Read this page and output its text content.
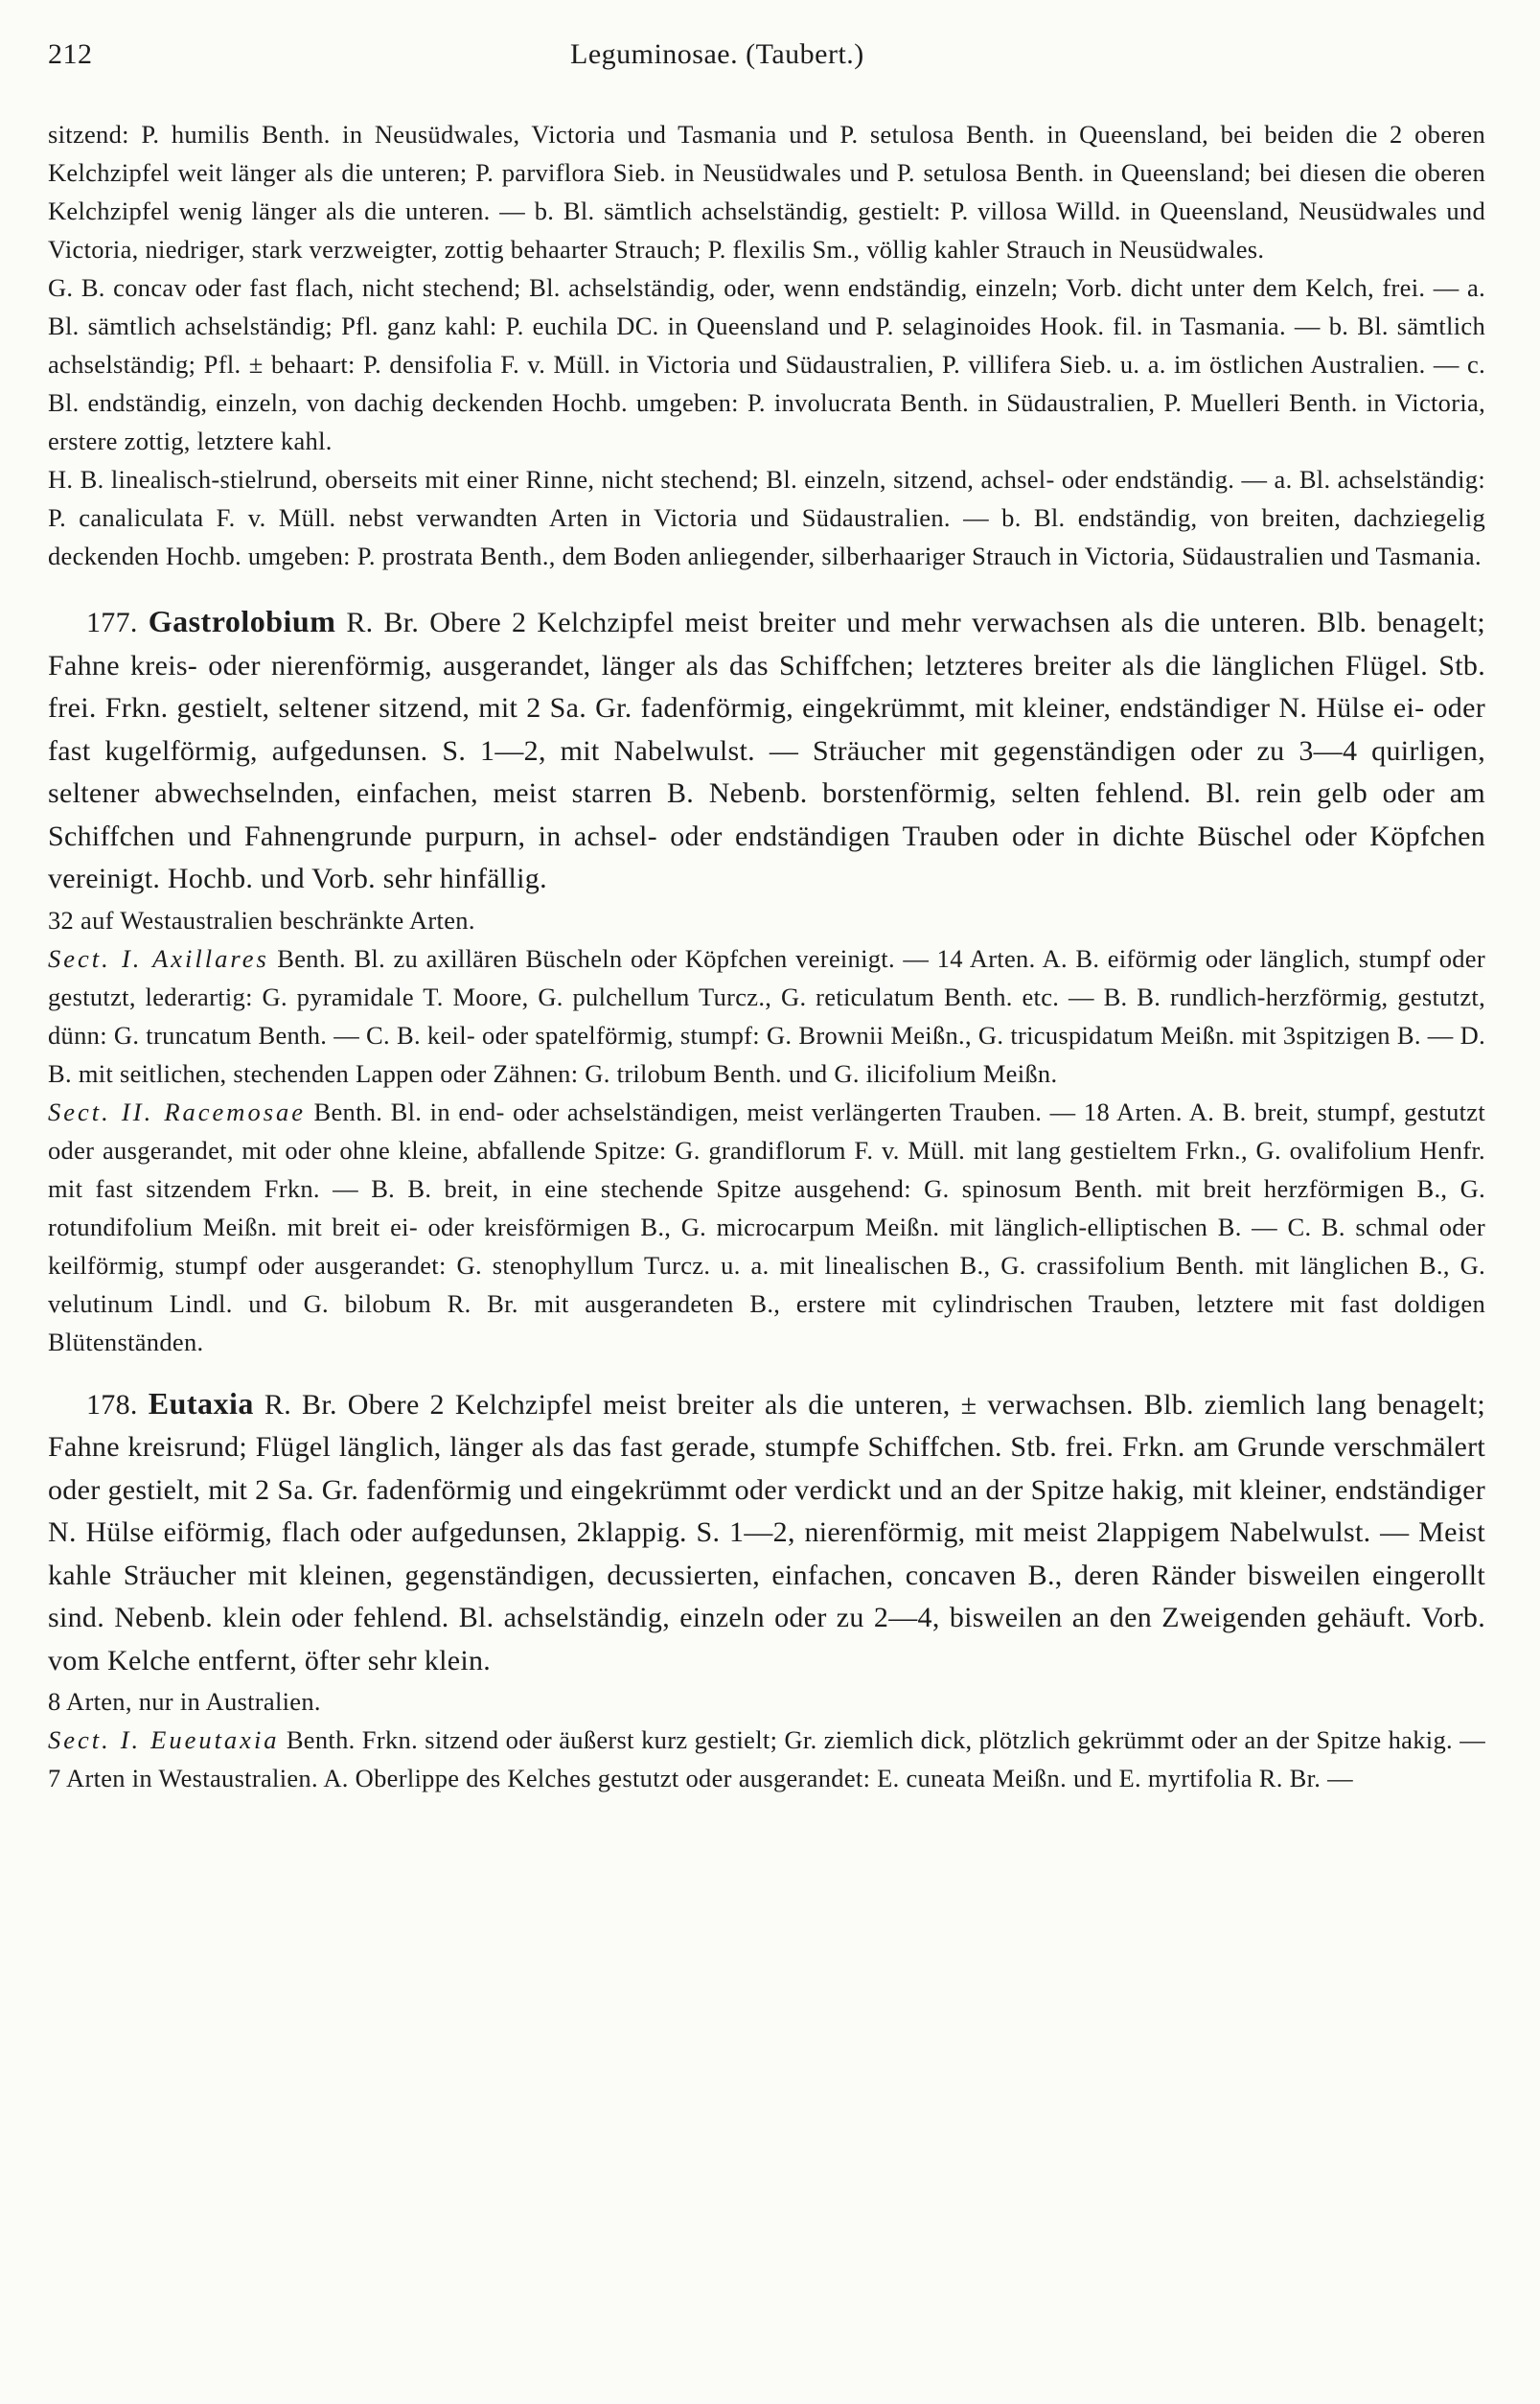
212	Leguminosae. (Taubert.)

sitzend: P. humilis Benth. in Neusüdwales, Victoria und Tasmania und P. setulosa Benth. in Queensland, bei beiden die 2 oberen Kelchzipfel weit länger als die unteren; P. parviflora Sieb. in Neusüdwales und P. setulosa Benth. in Queensland; bei diesen die oberen Kelchzipfel wenig länger als die unteren. — b. Bl. sämtlich achselständig, gestielt: P. villosa Willd. in Queensland, Neusüdwales und Victoria, niedriger, stark verzweigter, zottig behaarter Strauch; P. flexilis Sm., völlig kahler Strauch in Neusüdwales.

G. B. concav oder fast flach, nicht stechend; Bl. achselständig, oder, wenn endständig, einzeln; Vorb. dicht unter dem Kelch, frei. — a. Bl. sämtlich achselständig; Pfl. ganz kahl: P. euchila DC. in Queensland und P. selaginoides Hook. fil. in Tasmania. — b. Bl. sämtlich achselständig; Pfl. ± behaart: P. densifolia F. v. Müll. in Victoria und Südaustralien, P. villifera Sieb. u. a. im östlichen Australien. — c. Bl. endständig, einzeln, von dachig deckenden Hochb. umgeben: P. involucrata Benth. in Südaustralien, P. Muelleri Benth. in Victoria, erstere zottig, letztere kahl.

H. B. linealisch-stielrund, oberseits mit einer Rinne, nicht stechend; Bl. einzeln, sitzend, achsel- oder endständig. — a. Bl. achselständig: P. canaliculata F. v. Müll. nebst verwandten Arten in Victoria und Südaustralien. — b. Bl. endständig, von breiten, dachziegelig deckenden Hochb. umgeben: P. prostrata Benth., dem Boden anliegender, silberhaariger Strauch in Victoria, Südaustralien und Tasmania.

177. Gastrolobium R. Br. Obere 2 Kelchzipfel meist breiter und mehr verwachsen als die unteren. Blb. benagelt; Fahne kreis- oder nierenförmig, ausgerandet, länger als das Schiffchen; letzteres breiter als die länglichen Flügel. Stb. frei. Frkn. gestielt, seltener sitzend, mit 2 Sa. Gr. fadenförmig, eingekrümmt, mit kleiner, endständiger N. Hülse ei- oder fast kugelförmig, aufgedunsen. S. 1—2, mit Nabelwulst. — Sträucher mit gegenständigen oder zu 3—4 quirligen, seltener abwechselnden, einfachen, meist starren B. Nebenb. borstenförmig, selten fehlend. Bl. rein gelb oder am Schiffchen und Fahnengrunde purpurn, in achsel- oder endständigen Trauben oder in dichte Büschel oder Köpfchen vereinigt. Hochb. und Vorb. sehr hinfällig.

32 auf Westaustralien beschränkte Arten.

Sect. I. Axillares Benth. Bl. zu axillären Büscheln oder Köpfchen vereinigt. — 14 Arten. A. B. eiförmig oder länglich, stumpf oder gestutzt, lederartig: G. pyramidale T. Moore, G. pulchellum Turcz., G. reticulatum Benth. etc. — B. B. rundlich-herzförmig, gestutzt, dünn: G. truncatum Benth. — C. B. keil- oder spatelförmig, stumpf: G. Brownii Meißn., G. tricuspidatum Meißn. mit 3spitzigen B. — D. B. mit seitlichen, stechenden Lappen oder Zähnen: G. trilobum Benth. und G. ilicifolium Meißn.

Sect. II. Racemosae Benth. Bl. in end- oder achselständigen, meist verlängerten Trauben. — 18 Arten. A. B. breit, stumpf, gestutzt oder ausgerandet, mit oder ohne kleine, abfallende Spitze: G. grandiflorum F. v. Müll. mit lang gestieltem Frkn., G. ovalifolium Henfr. mit fast sitzendem Frkn. — B. B. breit, in eine stechende Spitze ausgehend: G. spinosum Benth. mit breit herzförmigen B., G. rotundifolium Meißn. mit breit ei- oder kreisförmigen B., G. microcarpum Meißn. mit länglich-elliptischen B. — C. B. schmal oder keilförmig, stumpf oder ausgerandet: G. stenophyllum Turcz. u. a. mit linealischen B., G. crassifolium Benth. mit länglichen B., G. velutinum Lindl. und G. bilobum R. Br. mit ausgerandeten B., erstere mit cylindrischen Trauben, letztere mit fast doldigen Blütenständen.

178. Eutaxia R. Br. Obere 2 Kelchzipfel meist breiter als die unteren, ± verwachsen. Blb. ziemlich lang benagelt; Fahne kreisrund; Flügel länglich, länger als das fast gerade, stumpfe Schiffchen. Stb. frei. Frkn. am Grunde verschmälert oder gestielt, mit 2 Sa. Gr. fadenförmig und eingekrümmt oder verdickt und an der Spitze hakig, mit kleiner, endständiger N. Hülse eiförmig, flach oder aufgedunsen, 2klappig. S. 1—2, nierenförmig, mit meist 2lappigem Nabelwulst. — Meist kahle Sträucher mit kleinen, gegenständigen, decussierten, einfachen, concaven B., deren Ränder bisweilen eingerollt sind. Nebenb. klein oder fehlend. Bl. achselständig, einzeln oder zu 2—4, bisweilen an den Zweigenden gehäuft. Vorb. vom Kelche entfernt, öfter sehr klein.

8 Arten, nur in Australien.

Sect. I. Eueutaxia Benth. Frkn. sitzend oder äußerst kurz gestielt; Gr. ziemlich dick, plötzlich gekrümmt oder an der Spitze hakig. — 7 Arten in Westaustralien. A. Oberlippe des Kelches gestutzt oder ausgerandet: E. cuneata Meißn. und E. myrtifolia R. Br. —
